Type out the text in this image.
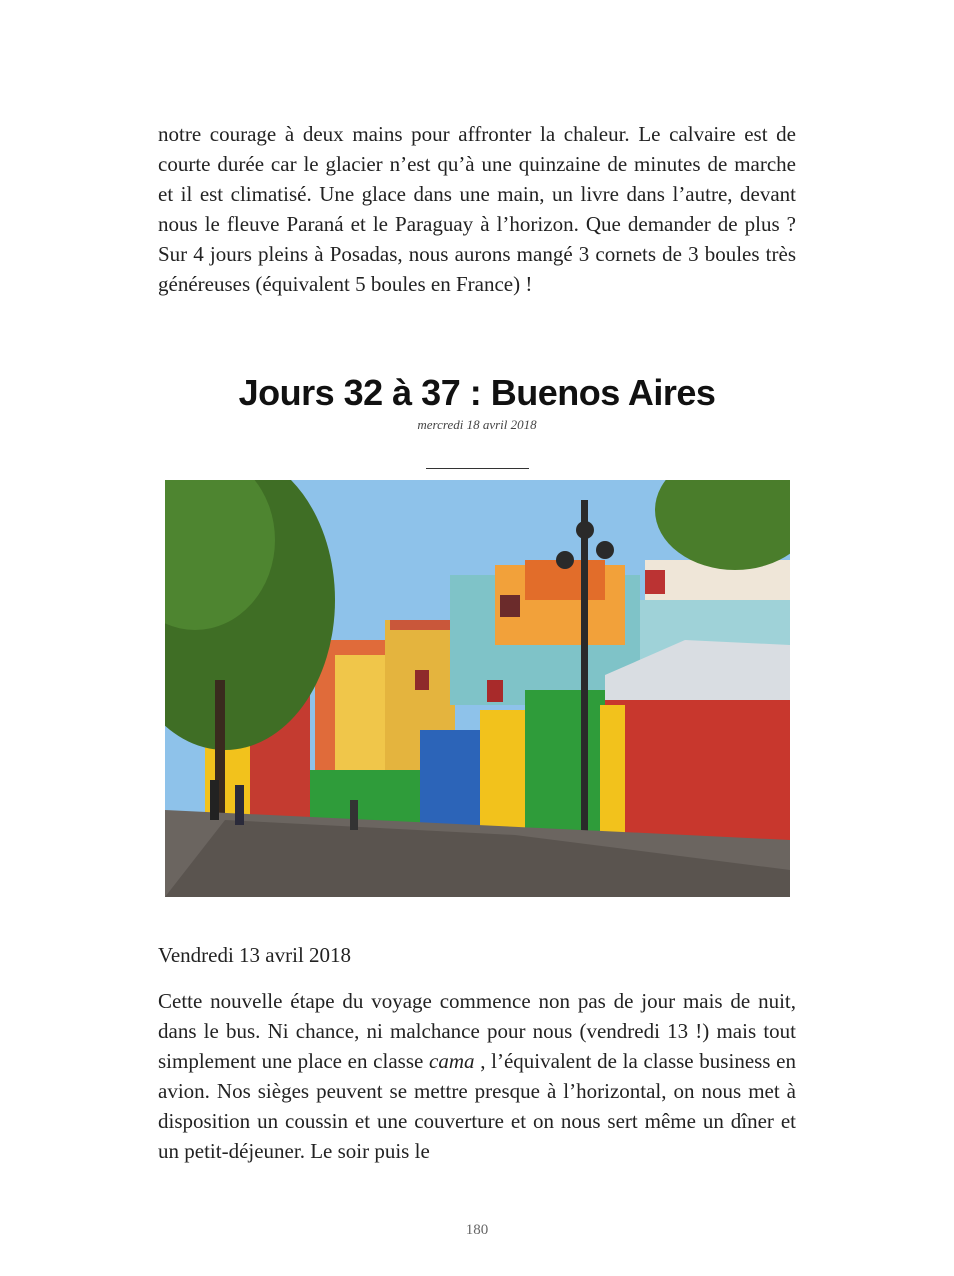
notre courage à deux mains pour affronter la chaleur. Le calvaire est de courte durée car le glacier n’est qu’à une quinzaine de minutes de marche et il est climatisé. Une glace dans une main, un livre dans l’autre, devant nous le fleuve Paraná et le Paraguay à l’horizon. Que demander de plus ? Sur 4 jours pleins à Posadas, nous aurons mangé 3 cornets de 3 boules très généreuses (équivalent 5 boules en France) !

Jours 32 à 37 : Buenos Aires
mercredi 18 avril 2018
Vendredi 13 avril 2018

Cette nouvelle étape du voyage commence non pas de jour mais de nuit, dans le bus. Ni chance, ni malchance pour nous (vendredi 13 !) mais tout simplement une place en classe cama , l’équivalent de la classe business en avion. Nos sièges peuvent se mettre presque à l’horizontal, on nous met à disposition un coussin et une couverture et on nous sert même un dîner et un petit-déjeuner. Le soir puis le

180
